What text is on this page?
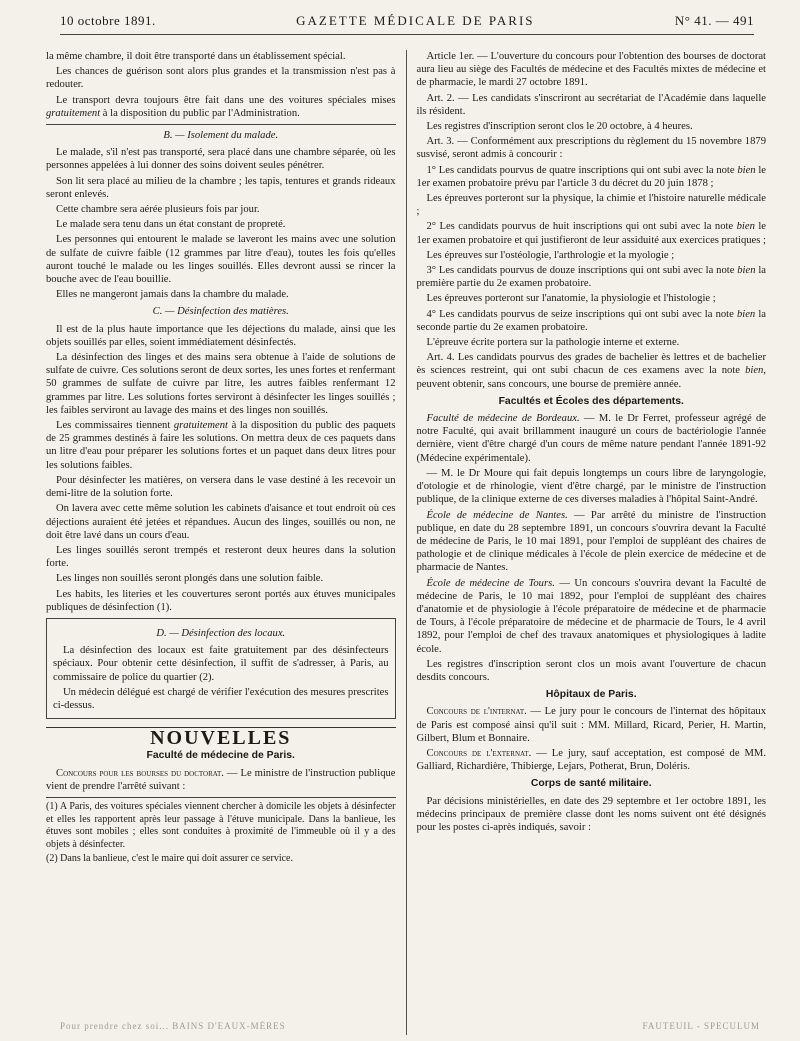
10 octobre 1891.	GAZETTE MÉDICALE DE PARIS	N° 41. — 491

la même chambre, il doit être transporté dans un établissement spécial.

Les chances de guérison sont alors plus grandes et la transmission n'est pas à redouter.

Le transport devra toujours être fait dans une des voitures spéciales mises gratuitement à la disposition du public par l'Administration.

B. — Isolement du malade.

Le malade, s'il n'est pas transporté, sera placé dans une chambre séparée, où les personnes appelées à lui donner des soins doivent seules pénétrer.

Son lit sera placé au milieu de la chambre ; les tapis, tentures et grands rideaux seront enlevés.

Cette chambre sera aérée plusieurs fois par jour.

Le malade sera tenu dans un état constant de propreté.

Les personnes qui entourent le malade se laveront les mains avec une solution de sulfate de cuivre faible (12 grammes par litre d'eau), toutes les fois qu'elles auront touché le malade ou les linges souillés. Elles devront aussi se rincer la bouche avec de l'eau bouillie.

Elles ne mangeront jamais dans la chambre du malade.

C. — Désinfection des matières.

Il est de la plus haute importance que les déjections du malade, ainsi que les objets souillés par elles, soient immédiatement désinfectés.

La désinfection des linges et des mains sera obtenue à l'aide de solutions de sulfate de cuivre. Ces solutions seront de deux sortes, les unes fortes et renfermant 50 grammes de sulfate de cuivre par litre, les autres faibles renfermant 12 grammes par litre. Les solutions fortes serviront à désinfecter les linges souillés ; les faibles serviront au lavage des mains et des linges non souillés.

Les commissaires tiennent gratuitement à la disposition du public des paquets de 25 grammes destinés à faire les solutions. On mettra deux de ces paquets dans un litre d'eau pour préparer les solutions fortes et un paquet dans deux litres pour les solutions faibles.

Pour désinfecter les matières, on versera dans le vase destiné à les recevoir un demi-litre de la solution forte.

On lavera avec cette même solution les cabinets d'aisance et tout endroit où ces déjections auraient été jetées et répandues. Aucun des linges, souillés ou non, ne doit être lavé dans un cours d'eau.

Les linges souillés seront trempés et resteront deux heures dans la solution forte.

Les linges non souillés seront plongés dans une solution faible.

Les habits, les literies et les couvertures seront portés aux étuves municipales publiques de désinfection (1).

D. — Désinfection des locaux.

La désinfection des locaux est faite gratuitement par des désinfecteurs spéciaux. Pour obtenir cette désinfection, il suffit de s'adresser, à Paris, au commissaire de police du quartier (2).

Un médecin délégué est chargé de vérifier l'exécution des mesures prescrites ci-dessus.

NOUVELLES
Faculté de médecine de Paris.

Concours pour les bourses du doctorat. — Le ministre de l'instruction publique vient de prendre l'arrêté suivant :

(1) A Paris, des voitures spéciales viennent chercher à domicile les objets à désinfecter et elles les rapportent après leur passage à l'étuve municipale. Dans la banlieue, les étuves sont mobiles ; elles sont conduites à proximité de l'immeuble où il y a des objets à désinfecter.

(2) Dans la banlieue, c'est le maire qui doit assurer ce service.

Article 1er. — L'ouverture du concours pour l'obtention des bourses de doctorat aura lieu au siège des Facultés de médecine et des Facultés mixtes de médecine et de pharmacie, le mardi 27 octobre 1891.

Art. 2. — Les candidats s'inscriront au secrétariat de l'Académie dans laquelle ils résident.

Les registres d'inscription seront clos le 20 octobre, à 4 heures.

Art. 3. — Conformément aux prescriptions du règlement du 15 novembre 1879 susvisé, seront admis à concourir :

1° Les candidats pourvus de quatre inscriptions qui ont subi avec la note bien le 1er examen probatoire prévu par l'article 3 du décret du 20 juin 1878 ;

Les épreuves porteront sur la physique, la chimie et l'histoire naturelle médicale ;

2° Les candidats pourvus de huit inscriptions qui ont subi avec la note bien le 1er examen probatoire et qui justifieront de leur assiduité aux exercices pratiques ;

Les épreuves sur l'ostéologie, l'arthrologie et la myologie ;

3° Les candidats pourvus de douze inscriptions qui ont subi avec la note bien la première partie du 2e examen probatoire.

Les épreuves porteront sur l'anatomie, la physiologie et l'histologie ;

4° Les candidats pourvus de seize inscriptions qui ont subi avec la note bien la seconde partie du 2e examen probatoire.

L'épreuve écrite portera sur la pathologie interne et externe.

Art. 4. Les candidats pourvus des grades de bachelier ès lettres et de bachelier ès sciences restreint, qui ont subi chacun de ces examens avec la note bien, peuvent obtenir, sans concours, une bourse de première année.

Facultés et Écoles des départements.

Faculté de médecine de Bordeaux. — M. le Dr Ferret, professeur agrégé de notre Faculté, qui avait brillamment inauguré un cours de bactériologie l'année dernière, vient d'être chargé d'un cours de même nature pendant l'année 1891-92 (Médecine expérimentale).

— M. le Dr Moure qui fait depuis longtemps un cours libre de laryngologie, d'otologie et de rhinologie, vient d'être chargé, par le ministre de l'instruction publique, de la clinique externe de ces diverses maladies à l'hôpital Saint-André.

École de médecine de Nantes. — Par arrêté du ministre de l'instruction publique, en date du 28 septembre 1891, un concours s'ouvrira devant la Faculté de médecine de Paris, le 10 mai 1891, pour l'emploi de suppléant des chaires de pathologie et de clinique médicales à l'école de plein exercice de médecine et de pharmacie de Nantes.

École de médecine de Tours. — Un concours s'ouvrira devant la Faculté de médecine de Paris, le 10 mai 1892, pour l'emploi de suppléant des chaires d'anatomie et de physiologie à l'école préparatoire de médecine et de pharmacie de Tours, à l'école préparatoire de médecine et de pharmacie de Tours, le 4 avril 1892, pour l'emploi de chef des travaux anatomiques et physiologiques à ladite école.

Les registres d'inscription seront clos un mois avant l'ouverture de chacun desdits concours.

Hôpitaux de Paris.

Concours de l'internat. — Le jury pour le concours de l'internat des hôpitaux de Paris est composé ainsi qu'il suit : MM. Millard, Ricard, Perier, H. Martin, Gilbert, Blum et Bonnaire.

Concours de l'externat. — Le jury, sauf acceptation, est composé de MM. Galliard, Richardière, Thibierge, Lejars, Potherat, Brun, Doléris.

Corps de santé militaire.

Par décisions ministérielles, en date des 29 septembre et 1er octobre 1891, les médecins principaux de première classe dont les noms suivent ont été désignés pour les postes ci-après indiqués, savoir :

Pour prendre chez soi... BAINS D'EAUX-MÈRES	FAUTEUIL - SPECULUM
